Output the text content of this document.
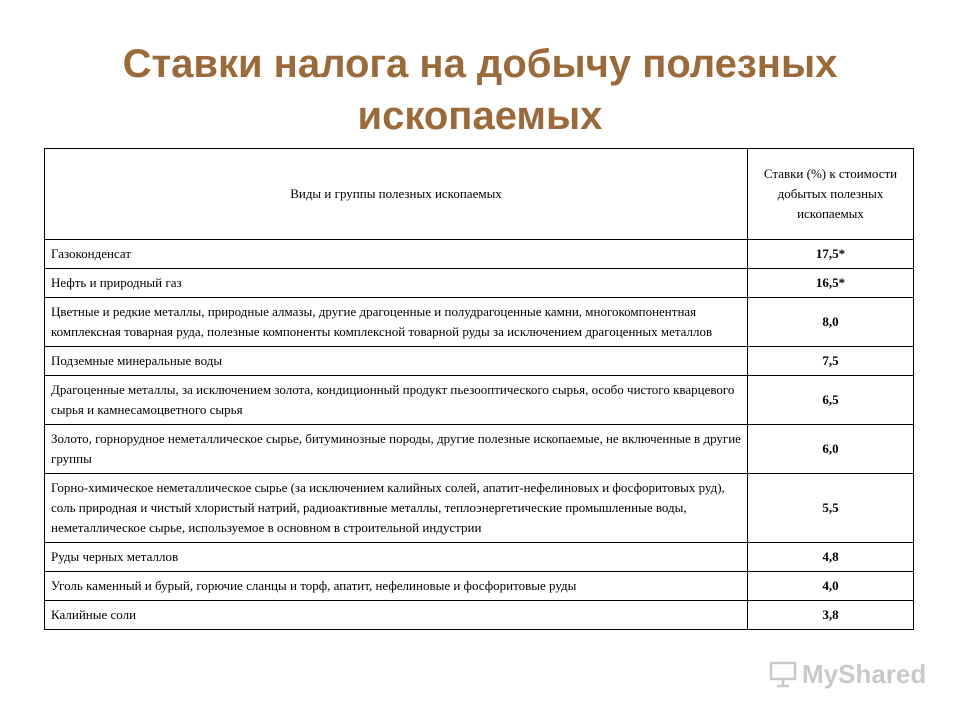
Ставки налога на добычу полезных ископаемых
Виды и группы полезных ископаемых	Ставки (%) к стоимости добытых полезных ископаемых
Газоконденсат	17,5*
Нефть и природный газ	16,5*
Цветные и редкие металлы, природные алмазы, другие драгоценные и полудрагоценные камни, многокомпонентная комплексная товарная руда, полезные компоненты комплексной товарной руды за исключением драгоценных металлов	8,0
Подземные минеральные воды	7,5
Драгоценные металлы, за исключением золота, кондиционный продукт пьезооптического сырья, особо чистого кварцевого сырья и камнесамоцветного сырья	6,5
Золото, горнорудное неметаллическое сырье, битуминозные породы, другие полезные ископаемые, не включенные в другие группы	6,0
Горно-химическое неметаллическое сырье (за исключением калийных солей, апатит-нефелиновых и фосфоритовых руд), соль природная и чистый хлористый натрий, радиоактивные металлы, теплоэнергетические промышленные воды, неметаллическое сырье, используемое в основном в строительной индустрии	5,5
Руды черных металлов	4,8
Уголь каменный и бурый, горючие сланцы и торф, апатит, нефелиновые и фосфоритовые руды	4,0
Калийные соли	3,8
MyShared
